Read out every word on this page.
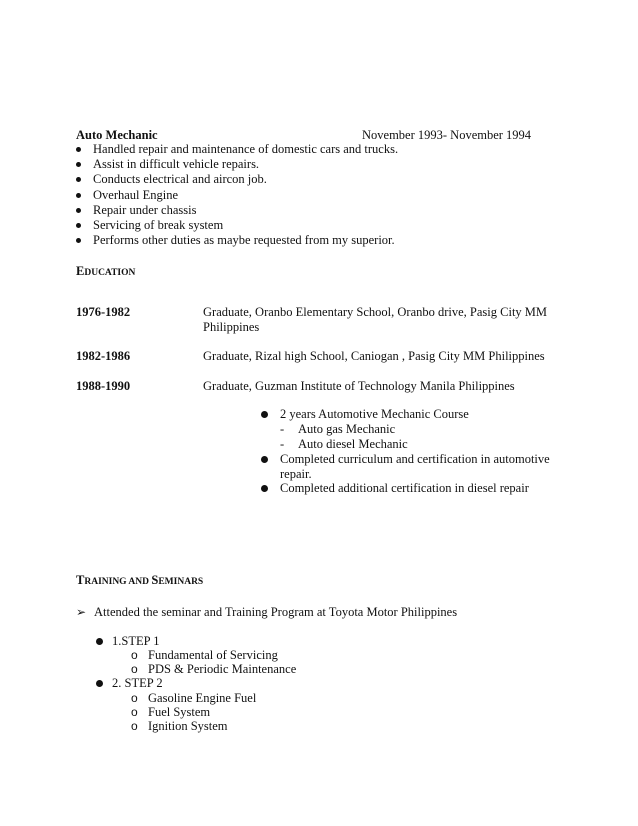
Auto Mechanic	November 1993- November 1994
Handled repair and maintenance of domestic cars and trucks.
Assist in difficult vehicle repairs.
Conducts electrical and aircon job.
Overhaul Engine
Repair under chassis
Servicing of break system
Performs other duties as maybe requested from my superior.
EDUCATION
1976-1982	Graduate, Oranbo Elementary School, Oranbo drive, Pasig City MM Philippines
1982-1986	Graduate, Rizal high School, Caniogan , Pasig City MM Philippines
1988-1990	Graduate, Guzman Institute of Technology Manila Philippines
2 years Automotive Mechanic Course
- Auto gas Mechanic
- Auto diesel Mechanic
Completed curriculum and certification in automotive
repair.
Completed additional certification in diesel repair
TRAINING AND SEMINARS
➢ Attended the seminar and Training Program at Toyota Motor Philippines
1.STEP 1
o Fundamental of Servicing
o PDS & Periodic Maintenance
2. STEP 2
o Gasoline Engine Fuel
o Fuel System
o Ignition System
